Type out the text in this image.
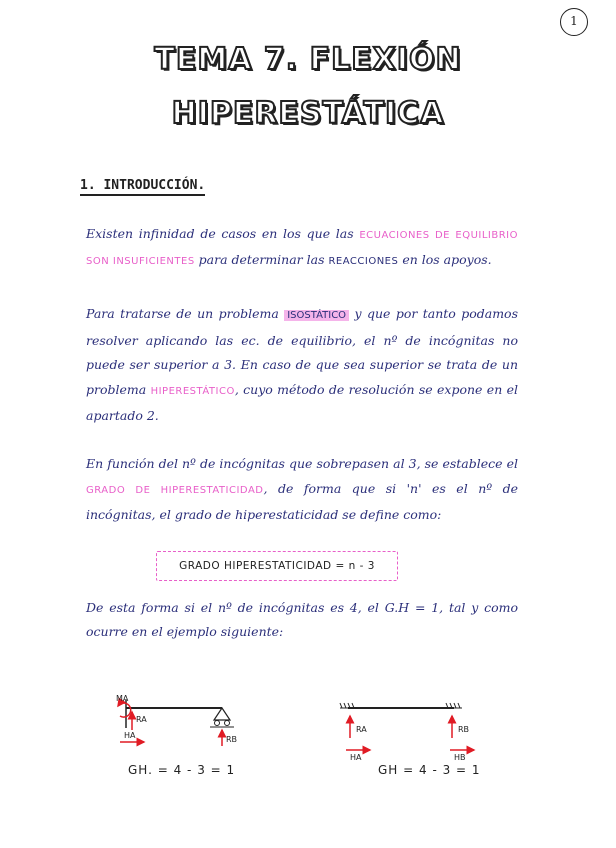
1
TEMA 7. FLEXIÓN
HIPERESTÁTICA
1. INTRODUCCIÓN.
Existen infinidad de casos en los que las ECUACIONES DE EQUILIBRIO SON INSUFICIENTES para determinar las REACCIONES en los apoyos.
Para tratarse de un problema ISOSTÁTICO y que por tanto podamos resolver aplicando las ec. de equilibrio, el nº de incógnitas no puede ser superior a 3. En caso de que sea superior se trata de un problema HIPERESTÁTICO, cuyo método de resolución se expone en el apartado 2.
En función del nº de incógnitas que sobrepasen al 3, se establece el GRADO DE HIPERESTATICIDAD, de forma que si 'n' es el nº de incógnitas, el grado de hiperestaticidad se define como:
GRADO HIPERESTATICIDAD = n - 3
De esta forma si el nº de incógnitas es 4, el G.H = 1, tal y como ocurre en el ejemplo siguiente:
MA
RA
HA	RB
RA
HA
RB
HB
GH. = 4 - 3 = 1	GH = 4 - 3 = 1
